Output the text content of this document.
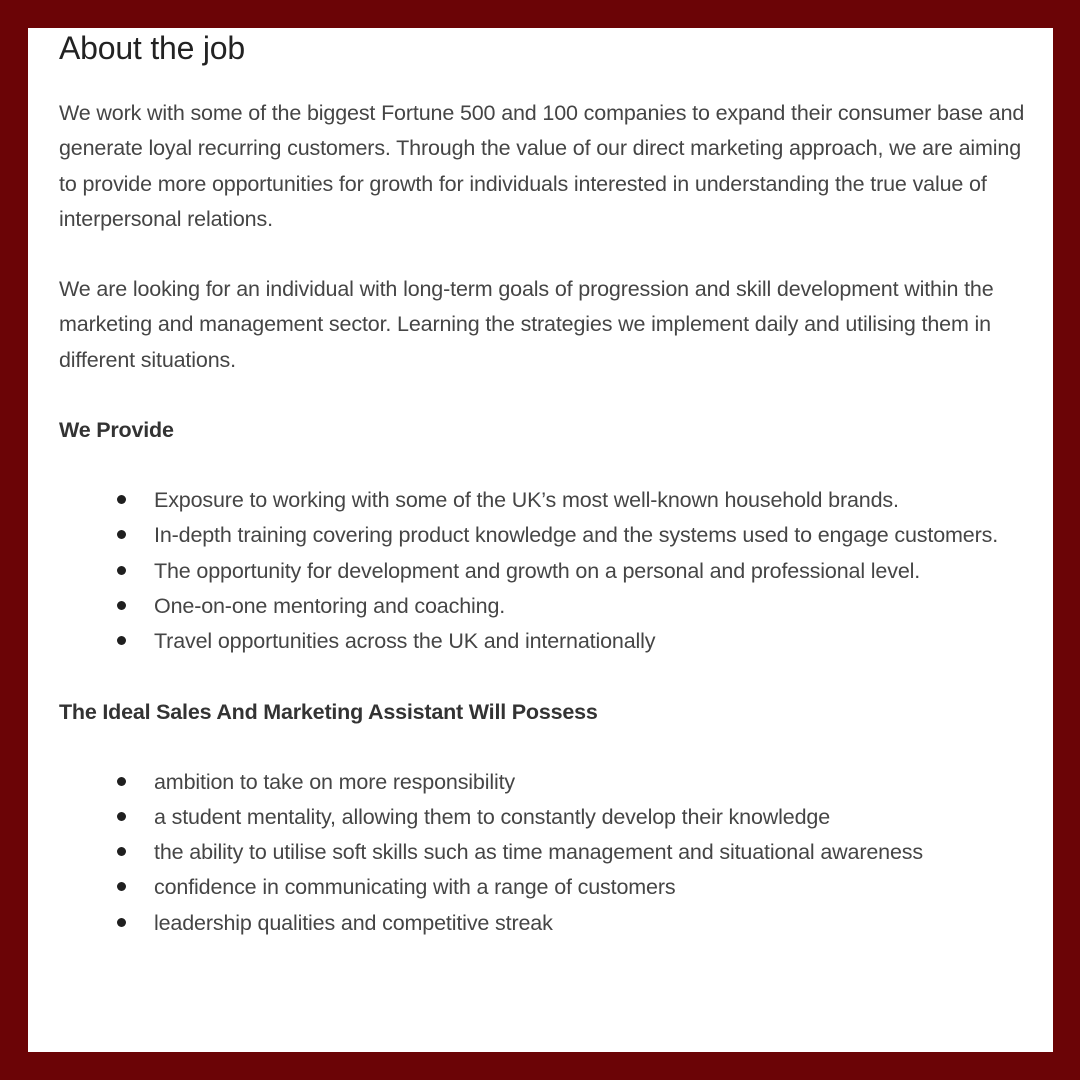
About the job

We work with some of the biggest Fortune 500 and 100 companies to expand their consumer base and generate loyal recurring customers. Through the value of our direct marketing approach, we are aiming to provide more opportunities for growth for individuals interested in understanding the true value of interpersonal relations.

We are looking for an individual with long-term goals of progression and skill development within the marketing and management sector. Learning the strategies we implement daily and utilising them in different situations.

We Provide
Exposure to working with some of the UK’s most well-known household brands.
In-depth training covering product knowledge and the systems used to engage customers.
The opportunity for development and growth on a personal and professional level.
One-on-one mentoring and coaching.
Travel opportunities across the UK and internationally
The Ideal Sales And Marketing Assistant Will Possess
ambition to take on more responsibility
a student mentality, allowing them to constantly develop their knowledge
the ability to utilise soft skills such as time management and situational awareness
confidence in communicating with a range of customers
leadership qualities and competitive streak
